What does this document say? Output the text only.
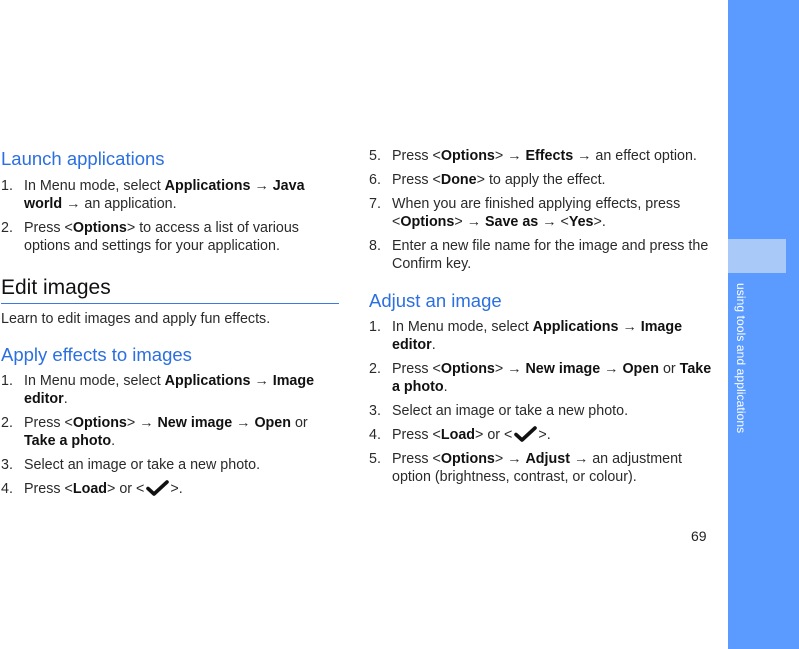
using tools and applications
69
Launch applications
1. In Menu mode, select Applications → Java world → an application.
2. Press <Options> to access a list of various options and settings for your application.
Edit images

Learn to edit images and apply fun effects.

Apply effects to images
1. In Menu mode, select Applications → Image editor.
2. Press <Options> → New image → Open or Take a photo.
3. Select an image or take a new photo.
4. Press <Load> or < >.
5. Press <Options> → Effects → an effect option.
6. Press <Done> to apply the effect.
7. When you are finished applying effects, press <Options> → Save as → <Yes>.
8. Enter a new file name for the image and press the Confirm key.
Adjust an image
1. In Menu mode, select Applications → Image editor.
2. Press <Options> → New image → Open or Take a photo.
3. Select an image or take a new photo.
4. Press <Load> or < >.
5. Press <Options> → Adjust → an adjustment option (brightness, contrast, or colour).
